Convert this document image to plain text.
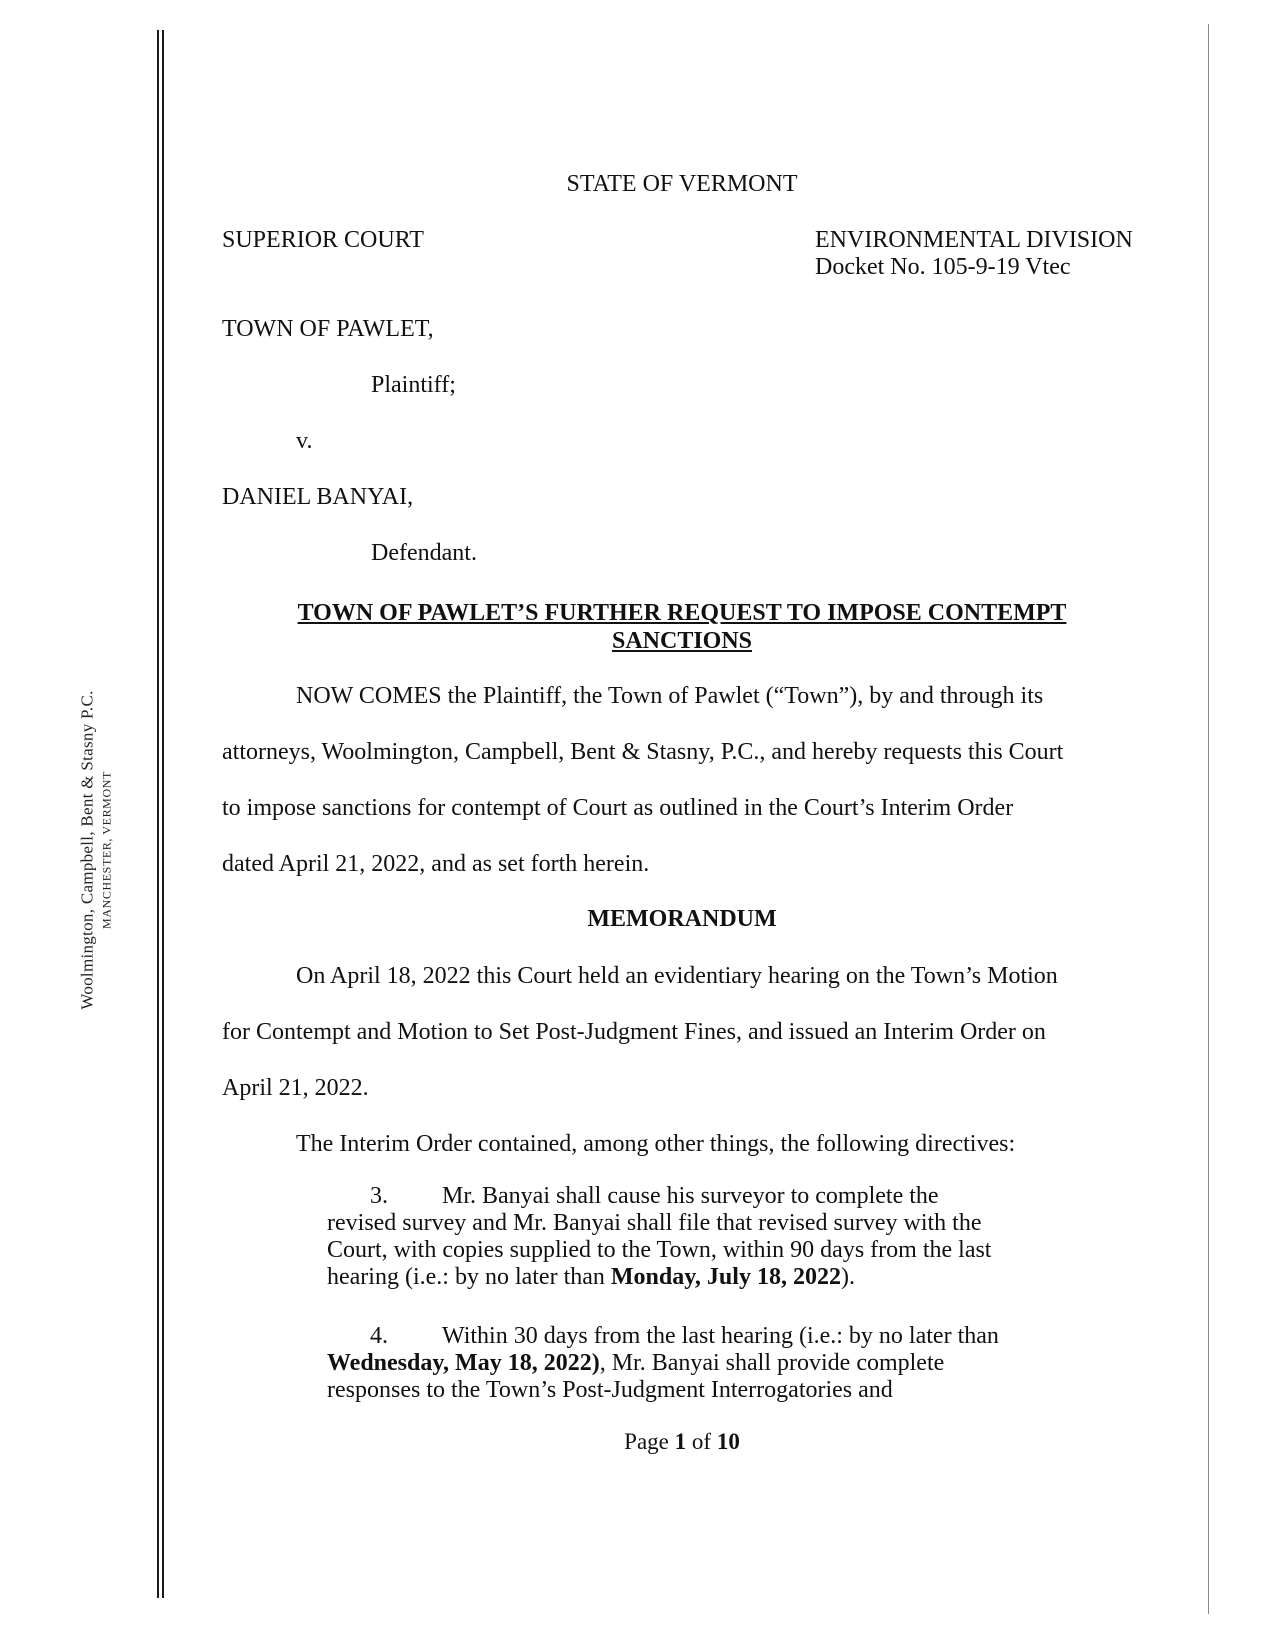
Woolmington, Campbell, Bent & Stasny P.C. MANCHESTER, VERMONT
STATE OF VERMONT
SUPERIOR COURT	ENVIRONMENTAL DIVISION
Docket No. 105-9-19 Vtec
TOWN OF PAWLET,
Plaintiff;
v.
DANIEL BANYAI,
Defendant.
TOWN OF PAWLET’S FURTHER REQUEST TO IMPOSE CONTEMPT
SANCTIONS
NOW COMES the Plaintiff, the Town of Pawlet (“Town”), by and through its
attorneys, Woolmington, Campbell, Bent & Stasny, P.C., and hereby requests this Court
to impose sanctions for contempt of Court as outlined in the Court’s Interim Order
dated April 21, 2022, and as set forth herein.
MEMORANDUM
On April 18, 2022 this Court held an evidentiary hearing on the Town’s Motion
for Contempt and Motion to Set Post-Judgment Fines, and issued an Interim Order on
April 21, 2022.
The Interim Order contained, among other things, the following directives:
3. Mr. Banyai shall cause his surveyor to complete the
revised survey and Mr. Banyai shall file that revised survey with the
Court, with copies supplied to the Town, within 90 days from the last
hearing (i.e.: by no later than Monday, July 18, 2022).
4. Within 30 days from the last hearing (i.e.: by no later than
Wednesday, May 18, 2022), Mr. Banyai shall provide complete
responses to the Town’s Post-Judgment Interrogatories and
Page 1 of 10
